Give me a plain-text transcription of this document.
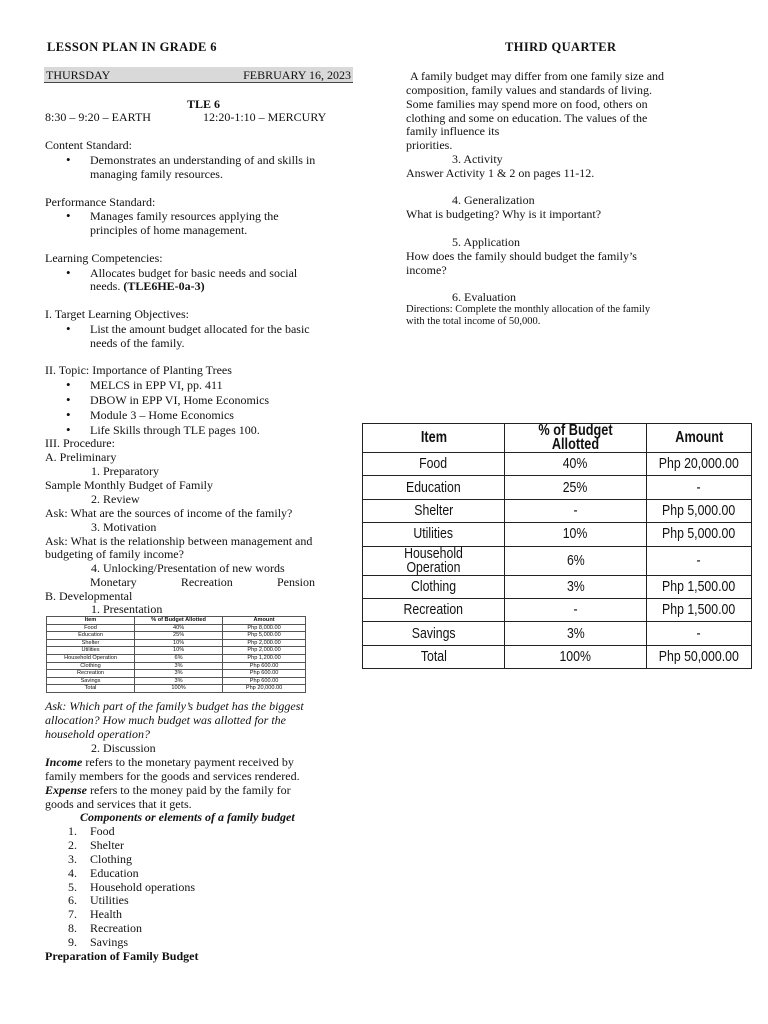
LESSON PLAN IN GRADE 6	THIRD QUARTER
THURSDAY	FEBRUARY 16, 2023
TLE 6
8:30 – 9:20 – EARTH	12:20-1:10 – MERCURY
Content Standard:
• Demonstrates an understanding of and skills in
managing family resources.
Performance Standard:
• Manages family resources applying the
principles of home management.
Learning Competencies:
• Allocates budget for basic needs and social
needs. (TLE6HE-0a-3)
I. Target Learning Objectives:
• List the amount budget allocated for the basic
needs of the family.
II. Topic: Importance of Planting Trees
• MELCS in EPP VI, pp. 411
• DBOW in EPP VI, Home Economics
• Module 3 – Home Economics
• Life Skills through TLE pages 100.
III. Procedure:
A. Preliminary
1. Preparatory
Sample Monthly Budget of Family
2. Review
Ask: What are the sources of income of the family?
3. Motivation
Ask: What is the relationship between management and
budgeting of family income?
4. Unlocking/Presentation of new words
Monetary	Recreation	Pension
B. Developmental
1. Presentation
Item	% of Budget Allotted	Amount
Food	40%	Php 8,000.00
Education	25%	Php 5,000.00
Shelter	10%	Php 2,000.00
Utilities	10%	Php 2,000.00
Household Operation	6%	Php 1,200.00
Clothing	3%	Php 600.00
Recreation	3%	Php 600.00
Savings	3%	Php 600.00
Total	100%	Php 20,000.00
Ask: Which part of the family’s budget has the biggest
allocation? How much budget was allotted for the
household operation?
2. Discussion
Income refers to the monetary payment received by
family members for the goods and services rendered.
Expense refers to the money paid by the family for
goods and services that it gets.
Components or elements of a family budget
1. Food
2. Shelter
3. Clothing
4. Education
5. Household operations
6. Utilities
7. Health
8. Recreation
9. Savings
Preparation of Family Budget
A family budget may differ from one family size and
composition, family values and standards of living.
Some families may spend more on food, others on
clothing and some on education. The values of the
family influence its
priorities.
3. Activity
Answer Activity 1 & 2 on pages 11-12.
4. Generalization
What is budgeting? Why is it important?
5. Application
How does the family should budget the family’s
income?
6. Evaluation
Directions: Complete the monthly allocation of the family
with the total income of 50,000.
Item	% of Budget Allotted	Amount
Food	40%	Php 20,000.00
Education	25%	-
Shelter	-	Php 5,000.00
Utilities	10%	Php 5,000.00
Household Operation	6%	-
Clothing	3%	Php 1,500.00
Recreation	-	Php 1,500.00
Savings	3%	-
Total	100%	Php 50,000.00
